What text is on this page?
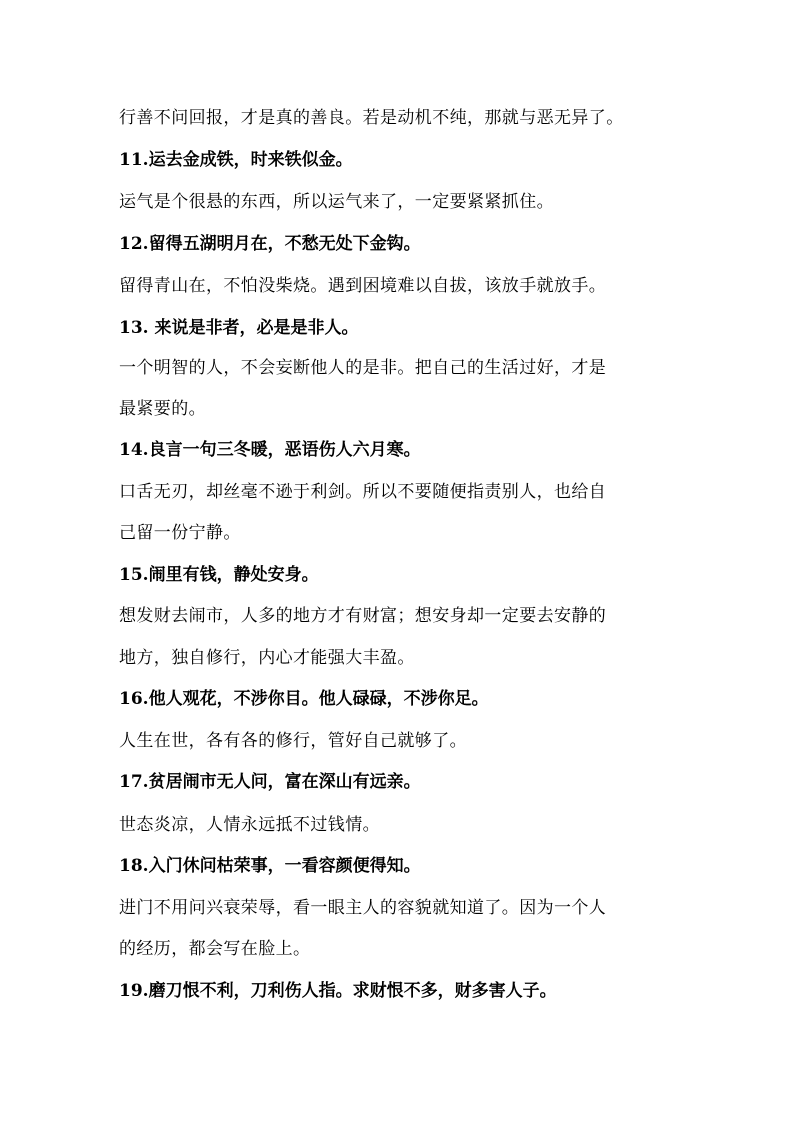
行善不问回报，才是真的善良。若是动机不纯，那就与恶无异了。
11.运去金成铁，时来铁似金。
运气是个很悬的东西，所以运气来了，一定要紧紧抓住。
12.留得五湖明月在，不愁无处下金钩。
留得青山在，不怕没柴烧。遇到困境难以自拔，该放手就放手。
13. 来说是非者，必是是非人。
一个明智的人，不会妄断他人的是非。把自己的生活过好，才是
最紧要的。
14.良言一句三冬暖，恶语伤人六月寒。
口舌无刃，却丝毫不逊于利剑。所以不要随便指责别人，也给自
己留一份宁静。
15.闹里有钱，静处安身。
想发财去闹市，人多的地方才有财富；想安身却一定要去安静的
地方，独自修行，内心才能强大丰盈。
16.他人观花，不涉你目。他人碌碌，不涉你足。
人生在世，各有各的修行，管好自己就够了。
17.贫居闹市无人问，富在深山有远亲。
世态炎凉，人情永远抵不过钱情。
18.入门休问枯荣事，一看容颜便得知。
进门不用问兴衰荣辱，看一眼主人的容貌就知道了。因为一个人
的经历，都会写在脸上。
19.磨刀恨不利，刀利伤人指。求财恨不多，财多害人子。
